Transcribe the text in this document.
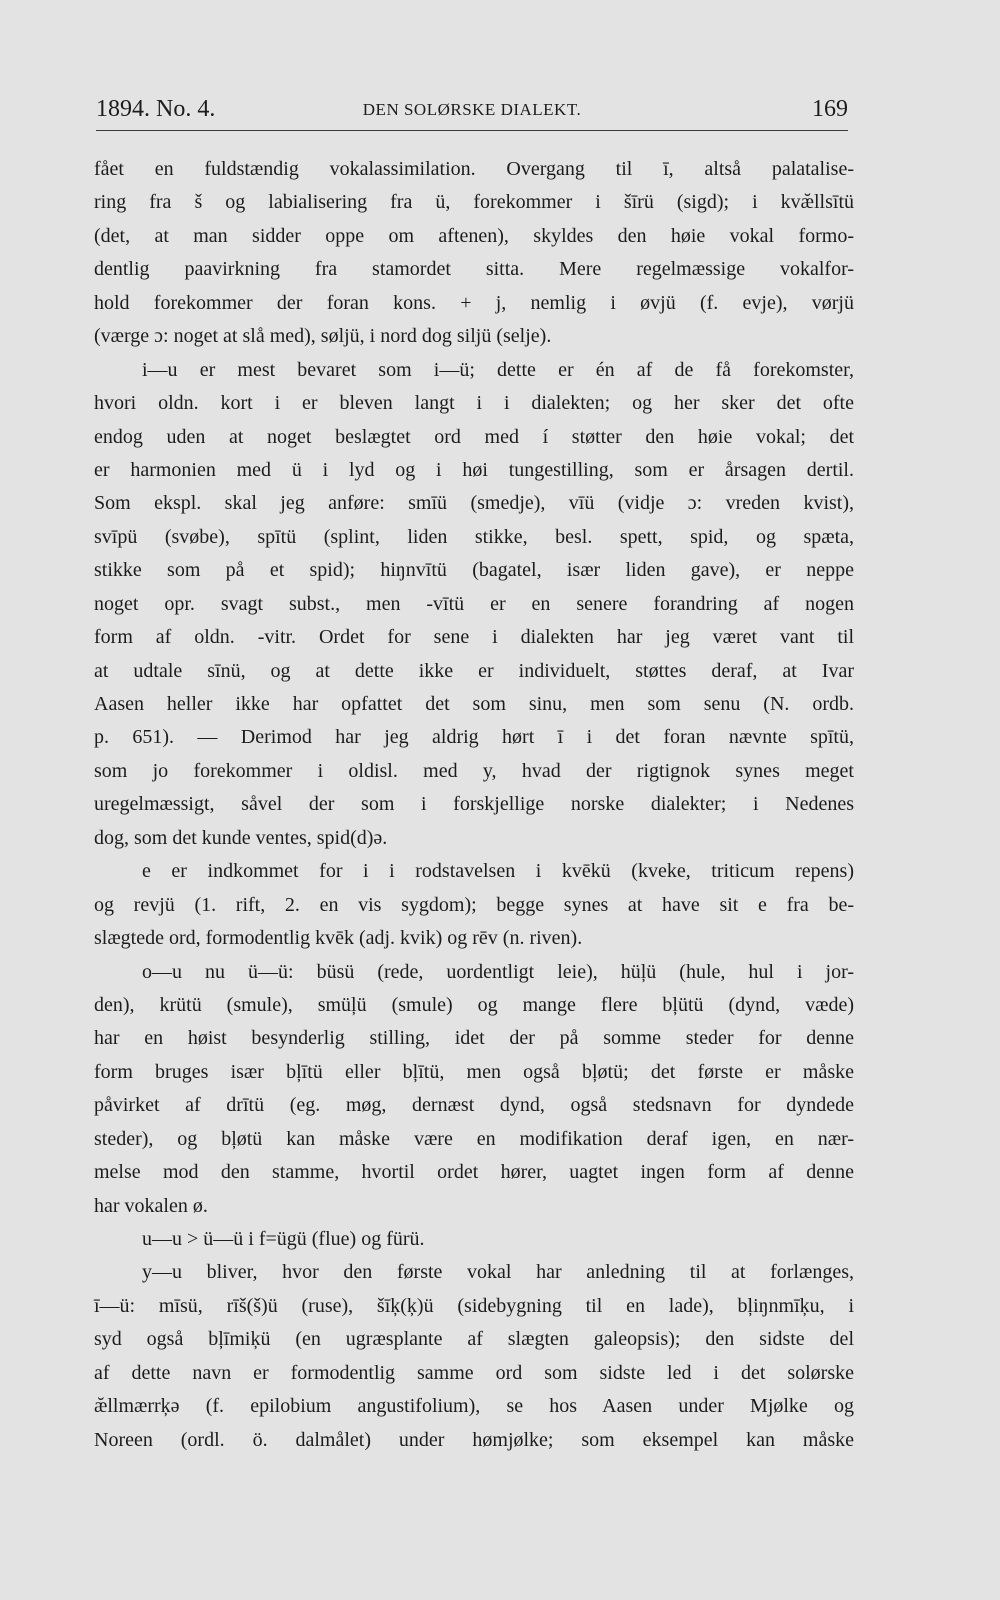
1894. No. 4.	DEN SOLØRSKE DIALEKT.	169
fået en fuldstændig vokalassimilation. Overgang til ī, altså palatalise-
ring fra š og labialisering fra ü, forekommer i šīrü (sigd); i kvæ̆llsītü
(det, at man sidder oppe om aftenen), skyldes den høie vokal formo-
dentlig paavirkning fra stamordet sitta. Mere regelmæssige vokalfor-
hold forekommer der foran kons. + j, nemlig i øvjü (f. evje), vørjü
(værge ɔ: noget at slå med), søljü, i nord dog siljü (selje).
i—u er mest bevaret som i—ü; dette er én af de få forekomster,
hvori oldn. kort i er bleven langt i i dialekten; og her sker det ofte
endog uden at noget beslægtet ord med í støtter den høie vokal; det
er harmonien med ü i lyd og i høi tungestilling, som er årsagen dertil.
Som ekspl. skal jeg anføre: smīü (smedje), vīü (vidje ɔ: vreden kvist),
svīpü (svøbe), spītü (splint, liden stikke, besl. spett, spid, og spæta,
stikke som på et spid); hiŋnvītü (bagatel, især liden gave), er neppe
noget opr. svagt subst., men -vītü er en senere forandring af nogen
form af oldn. -vitr. Ordet for sene i dialekten har jeg været vant til
at udtale sīnü, og at dette ikke er individuelt, støttes deraf, at Ivar
Aasen heller ikke har opfattet det som sinu, men som senu (N. ordb.
p. 651). — Derimod har jeg aldrig hørt ī i det foran nævnte spītü,
som jo forekommer i oldisl. med y, hvad der rigtignok synes meget
uregelmæssigt, såvel der som i forskjellige norske dialekter; i Nedenes
dog, som det kunde ventes, spid(d)ə.
e er indkommet for i i rodstavelsen i kvēkü (kveke, triticum repens)
og revjü (1. rift, 2. en vis sygdom); begge synes at have sit e fra be-
slægtede ord, formodentlig kvēk (adj. kvik) og rēv (n. riven).
o—u nu ü—ü: büsü (rede, uordentligt leie), hüļü (hule, hul i jor-
den), krütü (smule), smüļü (smule) og mange flere bļütü (dynd, væde)
har en høist besynderlig stilling, idet der på somme steder for denne
form bruges især bļītü eller bļītü, men også bļøtü; det første er måske
påvirket af drītü (eg. møg, dernæst dynd, også stedsnavn for dyndede
steder), og bļøtü kan måske være en modifikation deraf igen, en nær-
melse mod den stamme, hvortil ordet hører, uagtet ingen form af denne
har vokalen ø.
u—u > ü—ü i f=ügü (flue) og fürü.
y—u bliver, hvor den første vokal har anledning til at forlænges,
ī—ü: mīsü, rīš(š)ü (ruse), šīķ(ķ)ü (sidebygning til en lade), bļiŋnmīķu, i
syd også bļīmiķü (en ugræsplante af slægten galeopsis); den sidste del
af dette navn er formodentlig samme ord som sidste led i det solørske
æ̆llmærrķə (f. epilobium angustifolium), se hos Aasen under Mjølke og
Noreen (ordl. ö. dalmålet) under hømjølke; som eksempel kan måske
